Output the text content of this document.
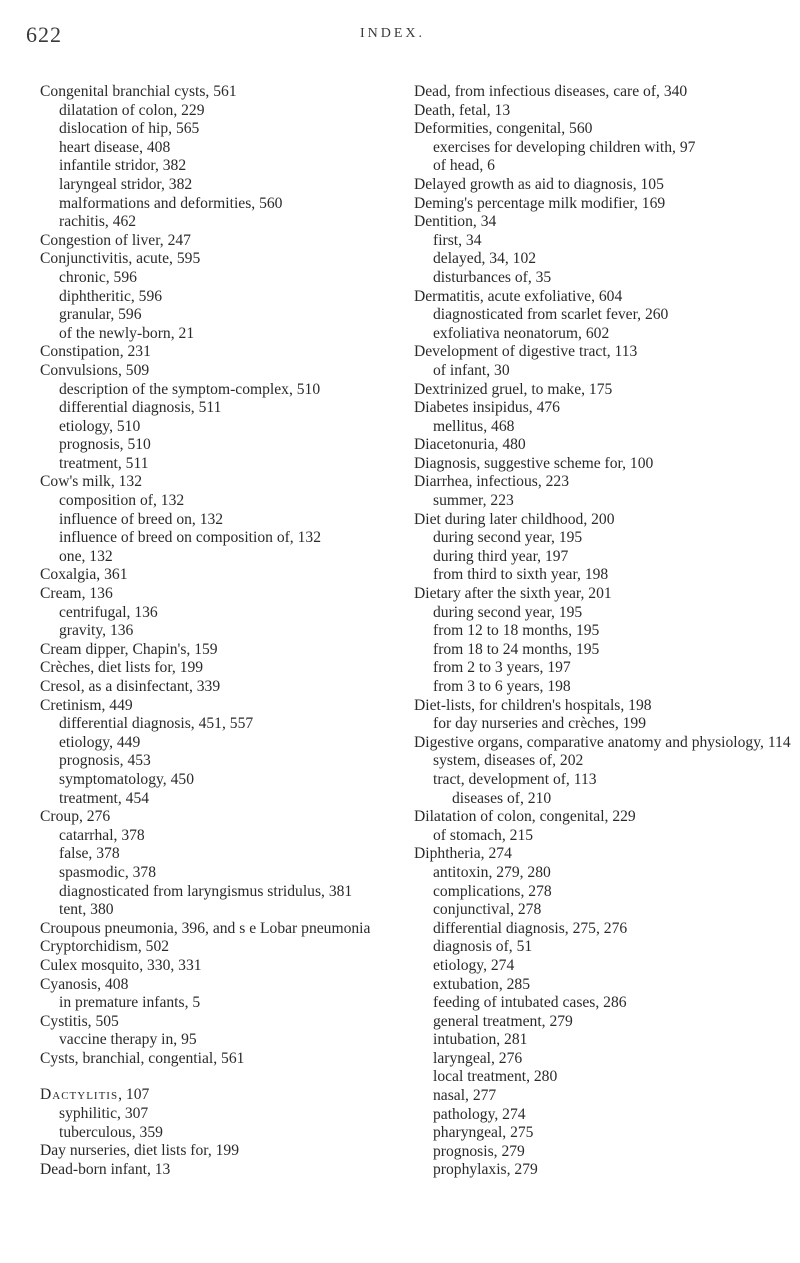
622	INDEX.
Congenital branchial cysts, 561
dilatation of colon, 229
dislocation of hip, 565
heart disease, 408
infantile stridor, 382
laryngeal stridor, 382
malformations and deformities, 560
rachitis, 462
Congestion of liver, 247
Conjunctivitis, acute, 595
chronic, 596
diphtheritic, 596
granular, 596
of the newly-born, 21
Constipation, 231
Convulsions, 509
description of the symptom-complex, 510
differential diagnosis, 511
etiology, 510
prognosis, 510
treatment, 511
Cow's milk, 132
composition of, 132
influence of breed on, 132
influence of breed on composition of, 132
one, 132
Coxalgia, 361
Cream, 136
centrifugal, 136
gravity, 136
Cream dipper, Chapin's, 159
Crèches, diet lists for, 199
Cresol, as a disinfectant, 339
Cretinism, 449
differential diagnosis, 451, 557
etiology, 449
prognosis, 453
symptomatology, 450
treatment, 454
Croup, 276
catarrhal, 378
false, 378
spasmodic, 378
diagnosticated from laryngismus stridulus, 381
tent, 380
Croupous pneumonia, 396, and s e Lobar pneumonia
Cryptorchidism, 502
Culex mosquito, 330, 331
Cyanosis, 408
in premature infants, 5
Cystitis, 505
vaccine therapy in, 95
Cysts, branchial, congential, 561
Dactylitis, 107
syphilitic, 307
tuberculous, 359
Day nurseries, diet lists for, 199
Dead-born infant, 13
Dead, from infectious diseases, care of, 340
Death, fetal, 13
Deformities, congenital, 560
exercises for developing children with, 97
of head, 6
Delayed growth as aid to diagnosis, 105
Deming's percentage milk modifier, 169
Dentition, 34
first, 34
delayed, 34, 102
disturbances of, 35
Dermatitis, acute exfoliative, 604
diagnosticated from scarlet fever, 260
exfoliativa neonatorum, 602
Development of digestive tract, 113
of infant, 30
Dextrinized gruel, to make, 175
Diabetes insipidus, 476
mellitus, 468
Diacetonuria, 480
Diagnosis, suggestive scheme for, 100
Diarrhea, infectious, 223
summer, 223
Diet during later childhood, 200
during second year, 195
during third year, 197
from third to sixth year, 198
Dietary after the sixth year, 201
during second year, 195
from 12 to 18 months, 195
from 18 to 24 months, 195
from 2 to 3 years, 197
from 3 to 6 years, 198
Diet-lists, for children's hospitals, 198
for day nurseries and crèches, 199
Digestive organs, comparative anatomy and physiology, 114
system, diseases of, 202
tract, development of, 113
diseases of, 210
Dilatation of colon, congenital, 229
of stomach, 215
Diphtheria, 274
antitoxin, 279, 280
complications, 278
conjunctival, 278
differential diagnosis, 275, 276
diagnosis of, 51
etiology, 274
extubation, 285
feeding of intubated cases, 286
general treatment, 279
intubation, 281
laryngeal, 276
local treatment, 280
nasal, 277
pathology, 274
pharyngeal, 275
prognosis, 279
prophylaxis, 279
